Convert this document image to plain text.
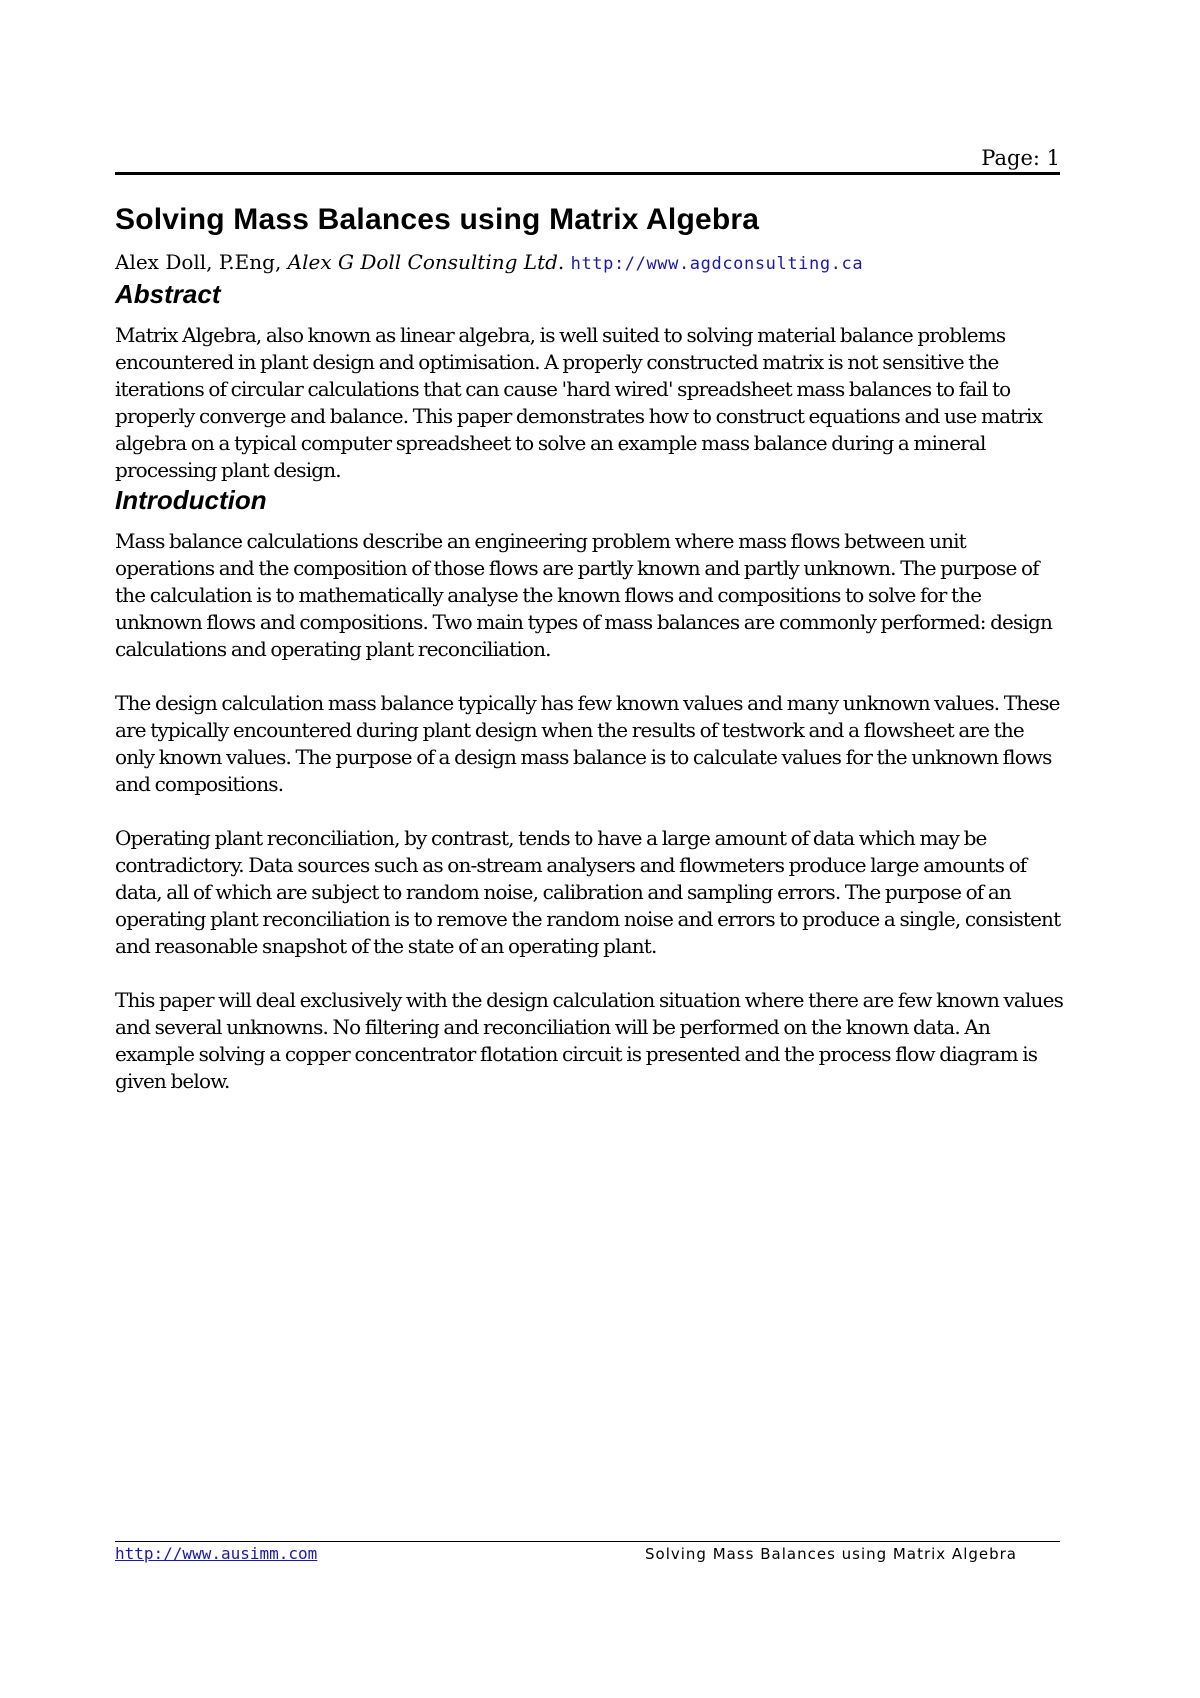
Page: 1
Solving Mass Balances using Matrix Algebra
Alex Doll, P.Eng, Alex G Doll Consulting Ltd. http://www.agdconsulting.ca
Abstract

Matrix Algebra, also known as linear algebra, is well suited to solving material balance problems encountered in plant design and optimisation. A properly constructed matrix is not sensitive the iterations of circular calculations that can cause 'hard wired' spreadsheet mass balances to fail to properly converge and balance. This paper demonstrates how to construct equations and use matrix algebra on a typical computer spreadsheet to solve an example mass balance during a mineral processing plant design.

Introduction

Mass balance calculations describe an engineering problem where mass flows between unit operations and the composition of those flows are partly known and partly unknown. The purpose of the calculation is to mathematically analyse the known flows and compositions to solve for the unknown flows and compositions. Two main types of mass balances are commonly performed: design calculations and operating plant reconciliation.

The design calculation mass balance typically has few known values and many unknown values. These are typically encountered during plant design when the results of testwork and a flowsheet are the only known values. The purpose of a design mass balance is to calculate values for the unknown flows and compositions.

Operating plant reconciliation, by contrast, tends to have a large amount of data which may be contradictory. Data sources such as on-stream analysers and flowmeters produce large amounts of data, all of which are subject to random noise, calibration and sampling errors. The purpose of an operating plant reconciliation is to remove the random noise and errors to produce a single, consistent and reasonable snapshot of the state of an operating plant.

This paper will deal exclusively with the design calculation situation where there are few known values and several unknowns. No filtering and reconciliation will be performed on the known data. An example solving a copper concentrator flotation circuit is presented and the process flow diagram is given below.

http://www.ausimm.com	Solving Mass Balances using Matrix Algebra
